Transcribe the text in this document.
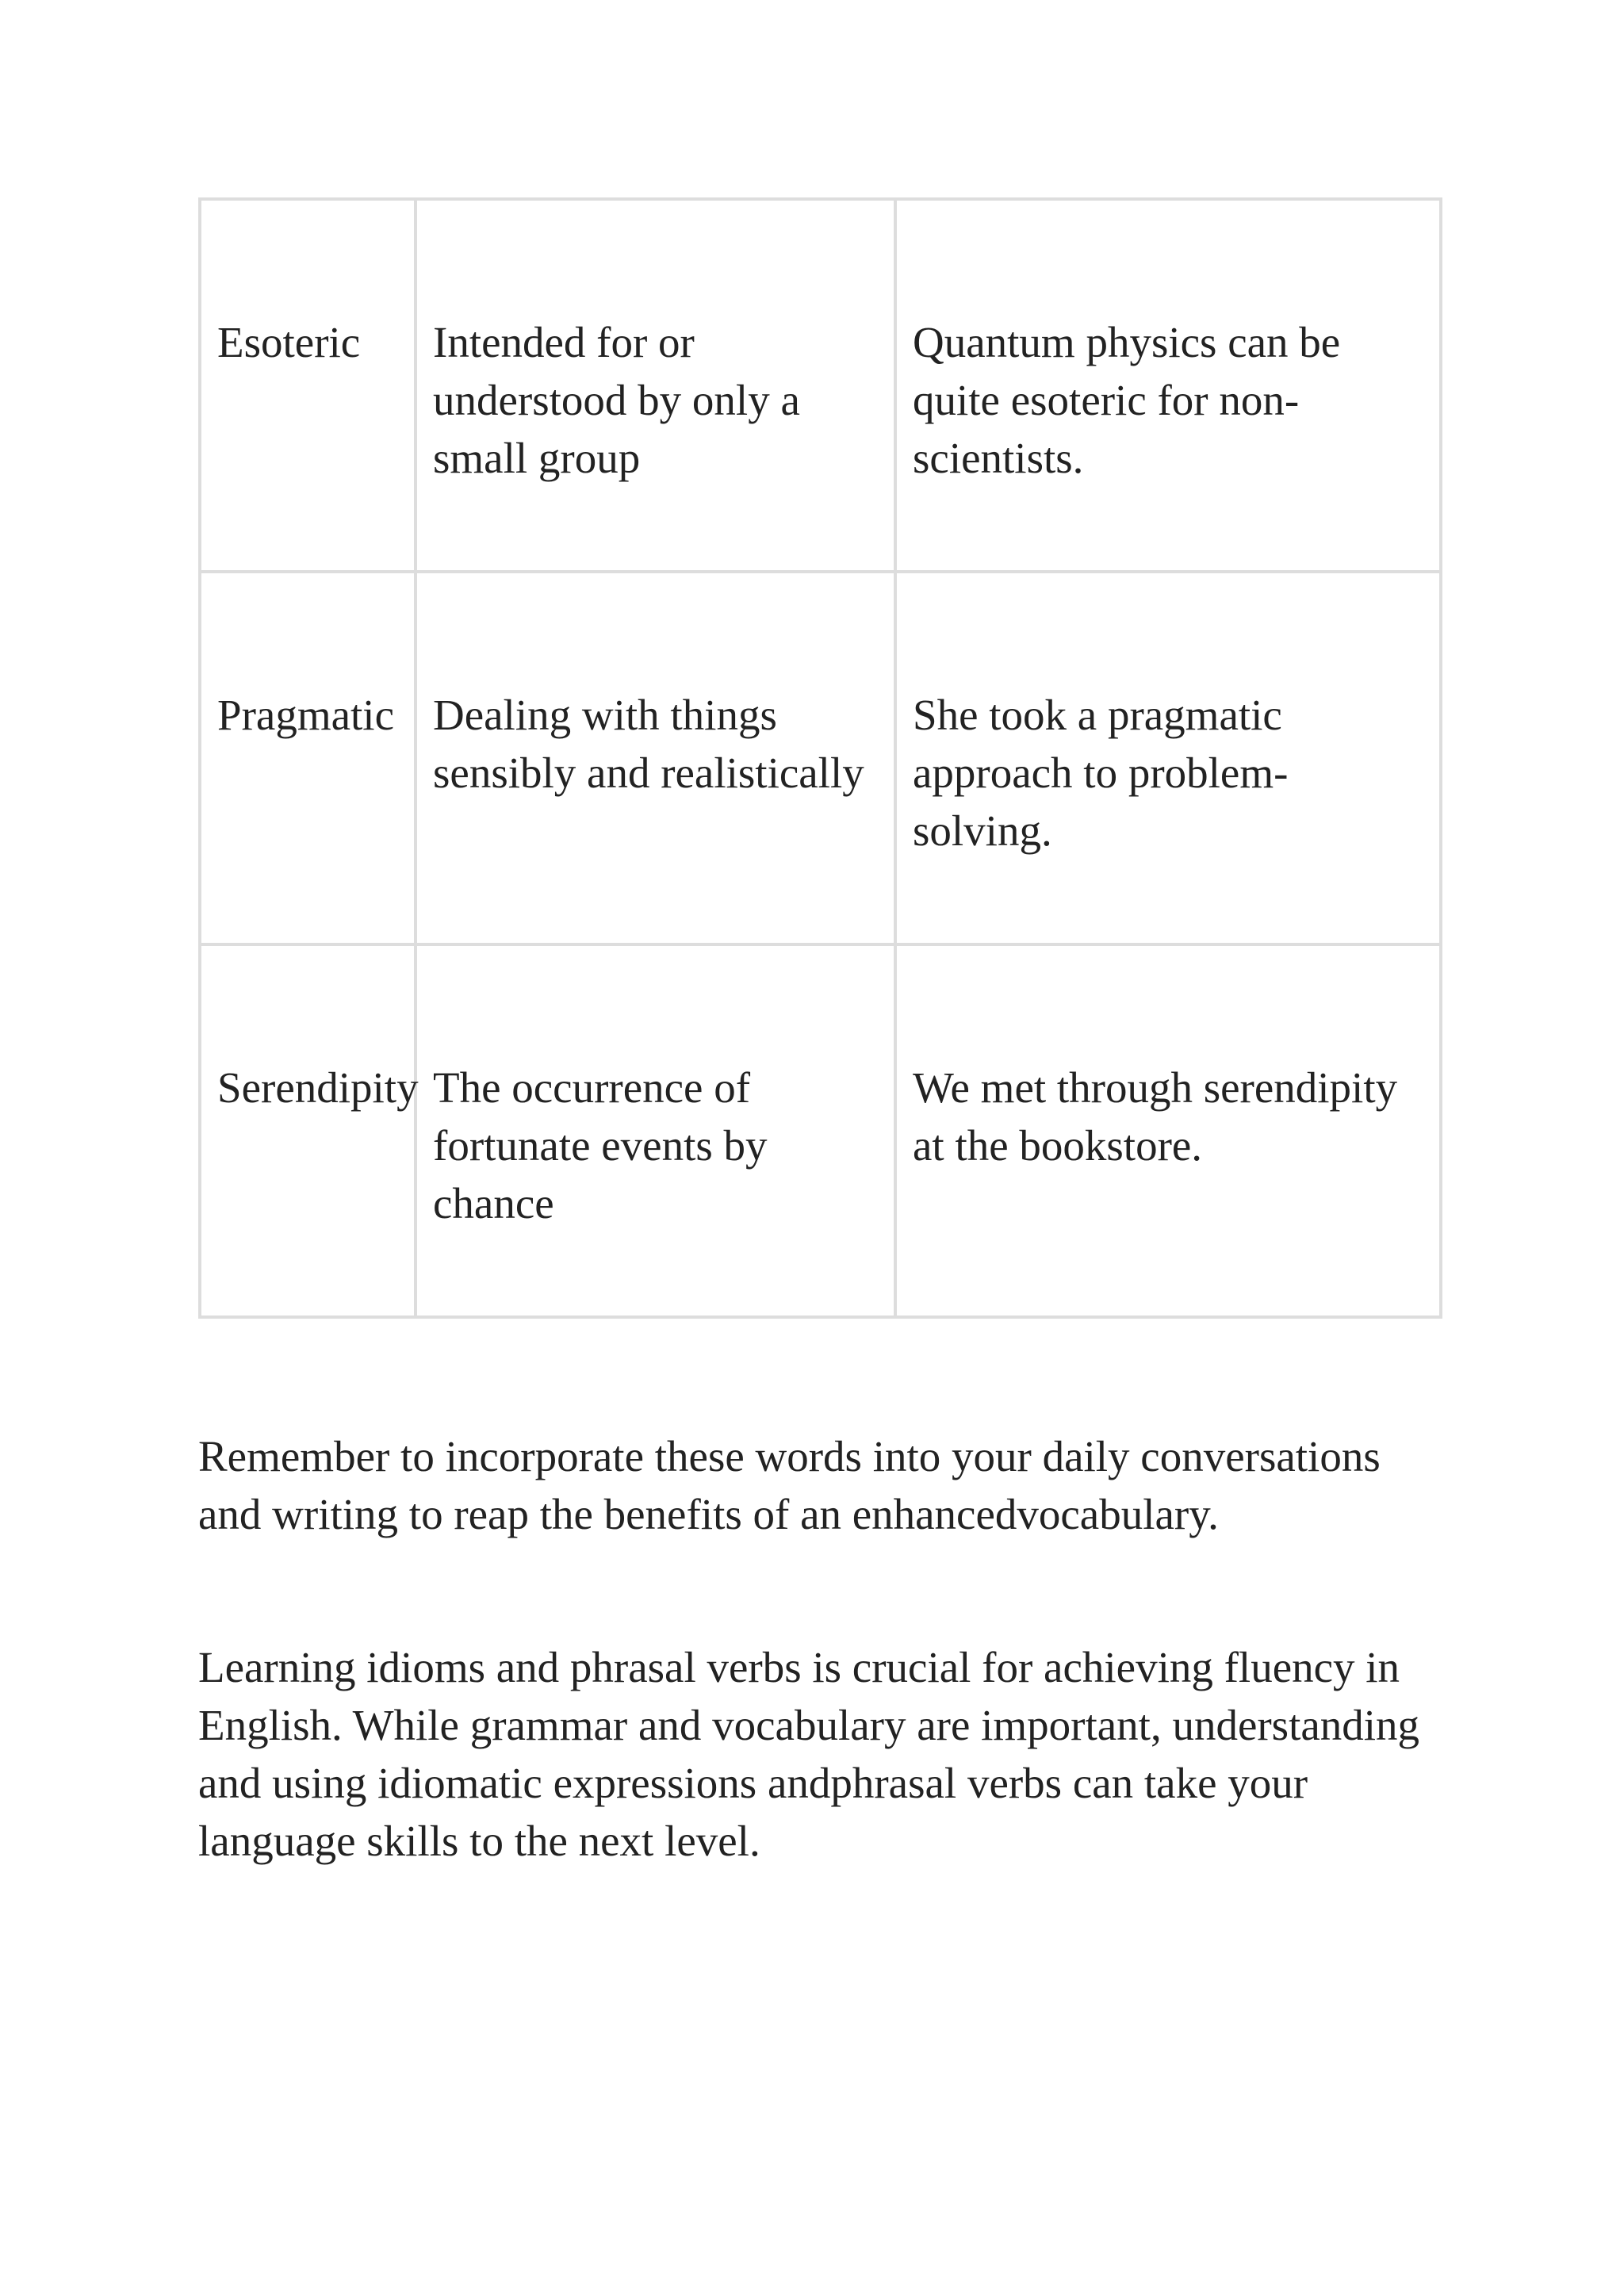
Esoteric	Intended for or understood by only a small group	Quantum physics can be quite esoteric for non-scientists.
Pragmatic	Dealing with things sensibly and realistically	She took a pragmatic approach to problem-solving.
Serendipity	The occurrence of fortunate events by chance	We met through serendipity at the bookstore.

Remember to incorporate these words into your daily conversations and writing to reap the benefits of an enhancedvocabulary.

Learning idioms and phrasal verbs is crucial for achieving fluency in English. While grammar and vocabulary are important, understanding and using idiomatic expressions andphrasal verbs can take your language skills to the next level.
